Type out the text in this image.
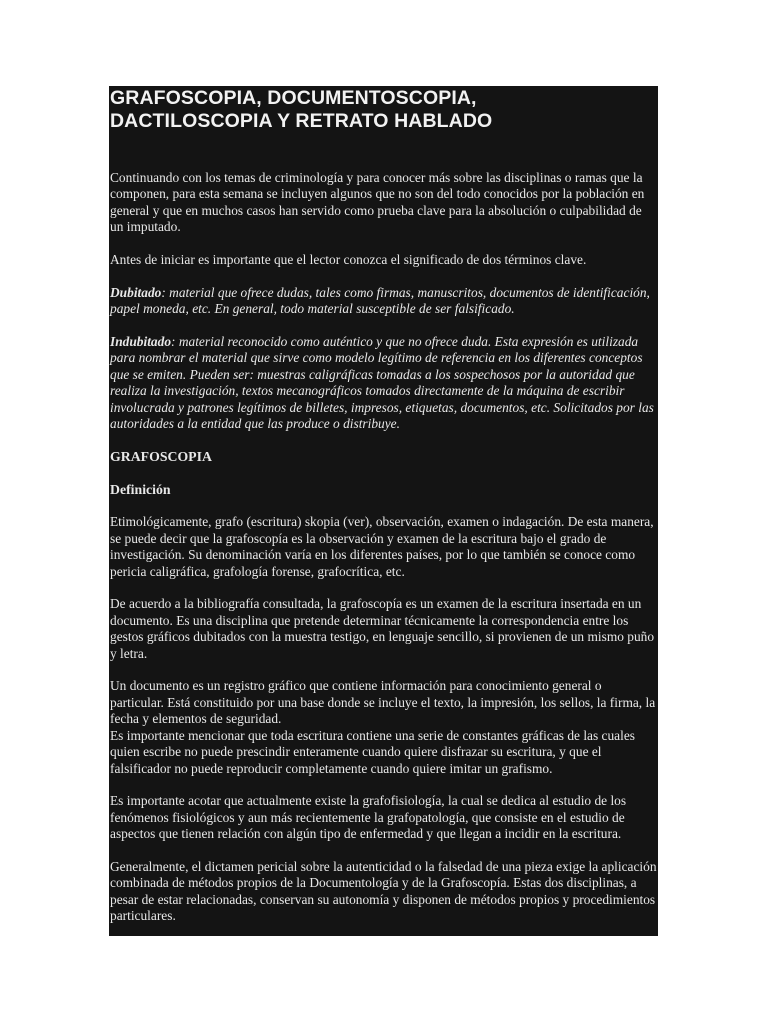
GRAFOSCOPIA, DOCUMENTOSCOPIA,
DACTILOSCOPIA Y RETRATO HABLADO

Continuando con los temas de criminología y para conocer más sobre las disciplinas o ramas que la componen, para esta semana se incluyen algunos que no son del todo conocidos por la población en general y que en muchos casos han servido como prueba clave para la absolución o culpabilidad de un imputado.

Antes de iniciar es importante que el lector conozca el significado de dos términos clave.

Dubitado: material que ofrece dudas, tales como firmas, manuscritos, documentos de identificación, papel moneda, etc. En general, todo material susceptible de ser falsificado.

Indubitado: material reconocido como auténtico y que no ofrece duda. Esta expresión es utilizada para nombrar el material que sirve como modelo legítimo de referencia en los diferentes conceptos que se emiten. Pueden ser: muestras caligráficas tomadas a los sospechosos por la autoridad que realiza la investigación, textos mecanográficos tomados directamente de la máquina de escribir involucrada y patrones legítimos de billetes, impresos, etiquetas, documentos, etc. Solicitados por las autoridades a la entidad que las produce o distribuye.

GRAFOSCOPIA

Definición

Etimológicamente, grafo (escritura) skopia (ver), observación, examen o indagación. De esta manera, se puede decir que la grafoscopía es la observación y examen de la escritura bajo el grado de investigación. Su denominación varía en los diferentes países, por lo que también se conoce como pericia caligráfica, grafología forense, grafocrítica, etc.

De acuerdo a la bibliografía consultada, la grafoscopía es un examen de la escritura insertada en un documento. Es una disciplina que pretende determinar técnicamente la correspondencia entre los gestos gráficos dubitados con la muestra testigo, en lenguaje sencillo, si provienen de un mismo puño y letra.

Un documento es un registro gráfico que contiene información para conocimiento general o particular. Está constituido por una base donde se incluye el texto, la impresión, los sellos, la firma, la fecha y elementos de seguridad.

Es importante mencionar que toda escritura contiene una serie de constantes gráficas de las cuales quien escribe no puede prescindir enteramente cuando quiere disfrazar su escritura, y que el falsificador no puede reproducir completamente cuando quiere imitar un grafismo.

Es importante acotar que actualmente existe la grafofisiología, la cual se dedica al estudio de los fenómenos fisiológicos y aun más recientemente la grafopatología, que consiste en el estudio de aspectos que tienen relación con algún tipo de enfermedad y que llegan a incidir en la escritura.

Generalmente, el dictamen pericial sobre la autenticidad o la falsedad de una pieza exige la aplicación combinada de métodos propios de la Documentología y de la Grafoscopía. Estas dos disciplinas, a pesar de estar relacionadas, conservan su autonomía y disponen de métodos propios y procedimientos particulares.
